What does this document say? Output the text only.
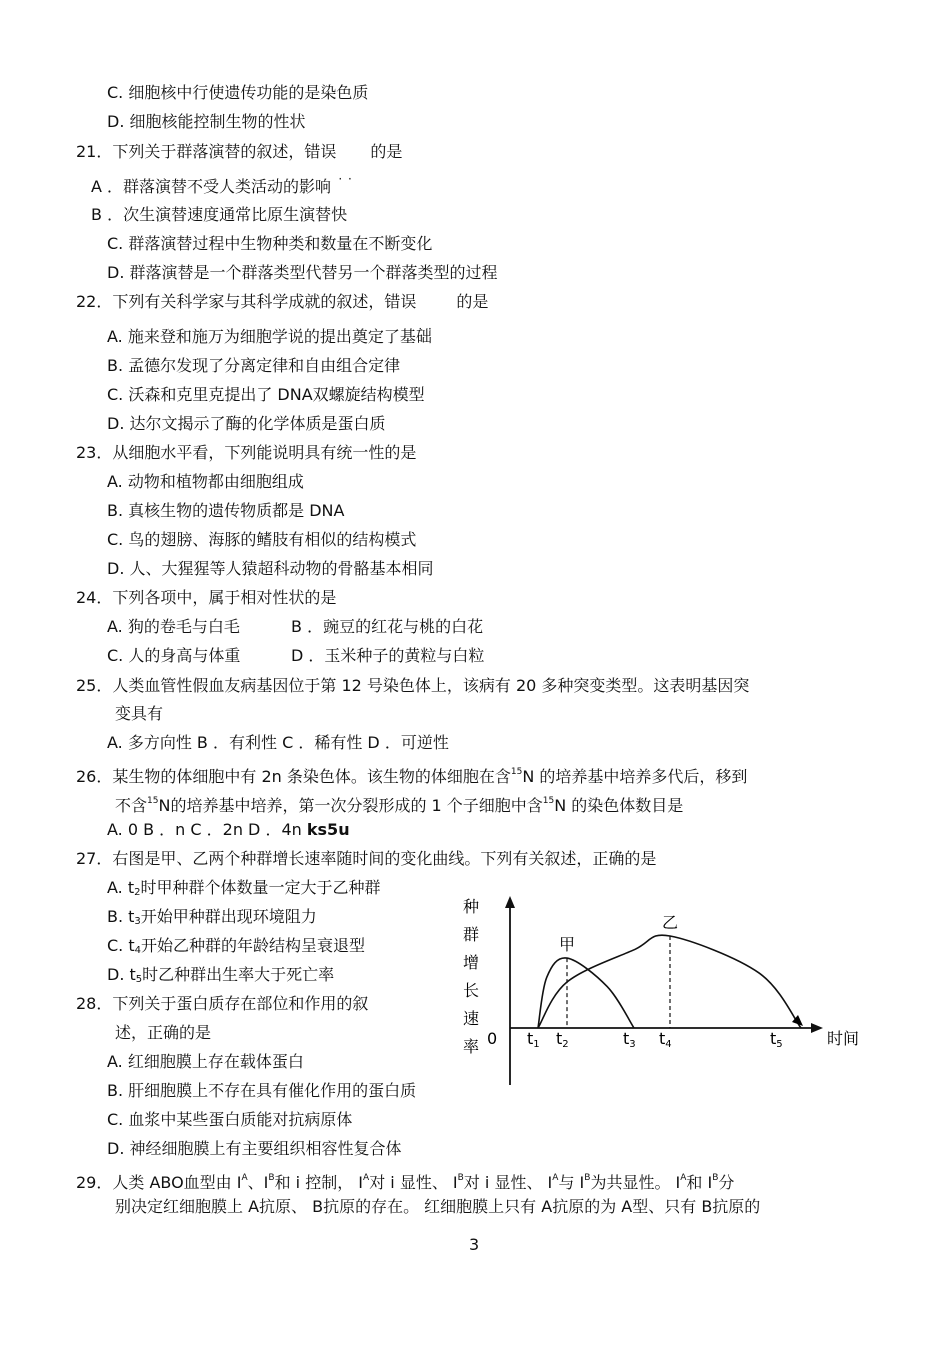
C. 细胞核中行使遗传功能的是染色质
D. 细胞核能控制生物的性状
21．下列关于群落演替的叙述，错误 的是
A ．群落演替不受人类活动的影响
B ．次生演替速度通常比原生演替快
C. 群落演替过程中生物种类和数量在不断变化
D. 群落演替是一个群落类型代替另一个群落类型的过程
22．下列有关科学家与其科学成就的叙述，错误	的是
A. 施来登和施万为细胞学说的提出奠定了基础
B. 孟德尔发现了分离定律和自由组合定律
C. 沃森和克里克提出了 DNA双螺旋结构模型
D. 达尔文揭示了酶的化学体质是蛋白质
23．从细胞水平看，下列能说明具有统一性的是
A. 动物和植物都由细胞组成
B. 真核生物的遗传物质都是 DNA
C. 鸟的翅膀、海豚的鳍肢有相似的结构模式
D. 人、大猩猩等人猿超科动物的骨骼基本相同
24．下列各项中，属于相对性状的是
A. 狗的卷毛与白毛	B ．豌豆的红花与桃的白花
C. 人的身高与体重	D ．玉米种子的黄粒与白粒
25．人类血管性假血友病基因位于第 12 号染色体上，该病有 20 多种突变类型。这表明基因突
变具有
A. 多方向性 B ．有利性 C ．稀有性 D ．可逆性
26．某生物的体细胞中有 2n 条染色体。该生物的体细胞在含$^{15}$N 的培养基中培养多代后，移到
不含$^{15}$N的培养基中培养，第一次分裂形成的 1 个子细胞中含$^{15}$N 的染色体数目是
A. 0 B ．n C ．2n D ．4n ks5u
27．右图是甲、乙两个种群增长速率随时间的变化曲线。下列有关叙述，正确的是
A. $t_2$时甲种群个体数量一定大于乙种群
B. $t_3$开始甲种群出现环境阻力
C. $t_4$开始乙种群的年龄结构呈衰退型
D. $t_5$时乙种群出生率大于死亡率
28．下列关于蛋白质存在部位和作用的叙
述，正确的是
A. 红细胞膜上存在载体蛋白
B. 肝细胞膜上不存在具有催化作用的蛋白质
C. 血浆中某些蛋白质能对抗病原体
D. 神经细胞膜上有主要组织相容性复合体
29．人类 ABO血型由 $I^A$、$I^B$和 i 控制， $I^A$对 i 显性、 $I^B$对 i 显性、 $I^A$与 $I^B$为共显性。 $I^A$和 $I^B$分
别决定红细胞膜上 A抗原、 B抗原的存在。 红细胞膜上只有 A抗原的为 A型、只有 B抗原的
3
种
群
增
长
速
率 0	时间
t1 t2	t3 t4	t5
甲
乙
